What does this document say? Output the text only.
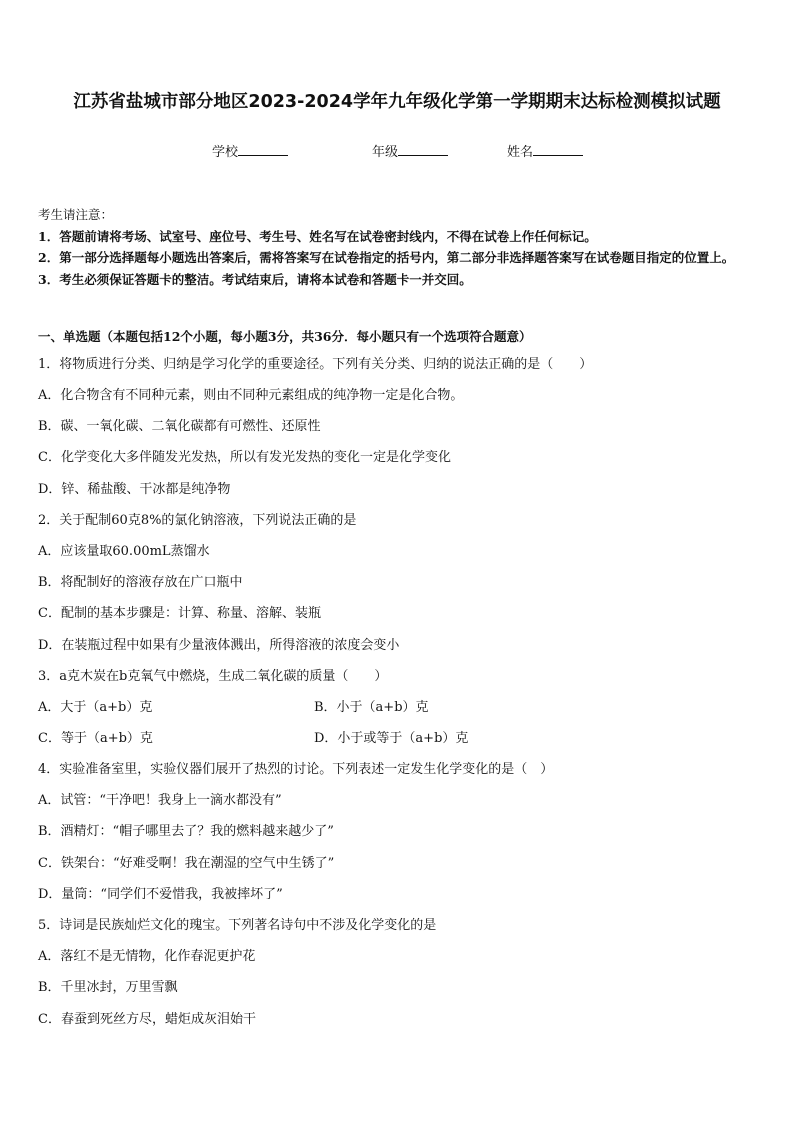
江苏省盐城市部分地区2023-2024学年九年级化学第一学期期末达标检测模拟试题
学校	年级	姓名
考生请注意：
1．答题前请将考场、试室号、座位号、考生号、姓名写在试卷密封线内，不得在试卷上作任何标记。
2．第一部分选择题每小题选出答案后，需将答案写在试卷指定的括号内，第二部分非选择题答案写在试卷题目指定的位置上。
3．考生必须保证答题卡的整洁。考试结束后，请将本试卷和答题卡一并交回。
一、单选题（本题包括12个小题，每小题3分，共36分．每小题只有一个选项符合题意）
1．将物质进行分类、归纳是学习化学的重要途径。下列有关分类、归纳的说法正确的是（　　）
A．化合物含有不同种元素，则由不同种元素组成的纯净物一定是化合物。
B．碳、一氧化碳、二氧化碳都有可燃性、还原性
C．化学变化大多伴随发光发热，所以有发光发热的变化一定是化学变化
D．锌、稀盐酸、干冰都是纯净物
2．关于配制60克8%的氯化钠溶液，下列说法正确的是
A．应该量取60.00mL蒸馏水
B．将配制好的溶液存放在广口瓶中
C．配制的基本步骤是：计算、称量、溶解、装瓶
D．在装瓶过程中如果有少量液体溅出，所得溶液的浓度会变小
3．a克木炭在b克氧气中燃烧，生成二氧化碳的质量（　　）
A．大于（a+b）克	B．小于（a+b）克
C．等于（a+b）克	D．小于或等于（a+b）克
4．实验准备室里，实验仪器们展开了热烈的讨论。下列表述一定发生化学变化的是（　）
A．试管：“干净吧！我身上一滴水都没有”
B．酒精灯：“帽子哪里去了？我的燃料越来越少了”
C．铁架台：“好难受啊！我在潮湿的空气中生锈了”
D．量筒：“同学们不爱惜我，我被摔坏了”
5．诗词是民族灿烂文化的瑰宝。下列著名诗句中不涉及化学变化的是
A．落红不是无情物，化作春泥更护花
B．千里冰封，万里雪飘
C．春蚕到死丝方尽，蜡炬成灰泪始干
